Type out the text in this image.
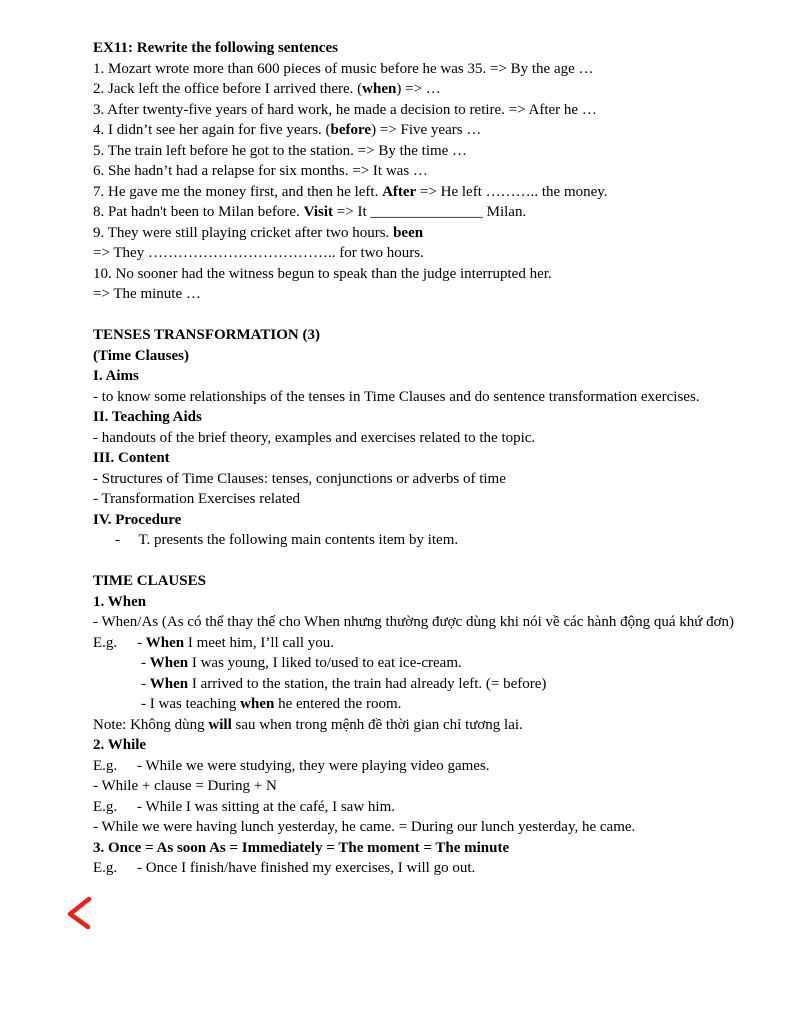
EX11: Rewrite the following sentences
1. Mozart wrote more than 600 pieces of music before he was 35. => By the age …
2. Jack left the office before I arrived there. (when) => …
3. After twenty-five years of hard work, he made a decision to retire. => After he …
4. I didn’t see her again for five years. (before) => Five years …
5. The train left before he got to the station. => By the time …
6. She hadn’t had a relapse for six months. => It was …
7. He gave me the money first, and then he left. After => He left ……….. the money.
8. Pat hadn't been to Milan before. Visit => It _______________ Milan.
9. They were still playing cricket after two hours. been
=> They ……………………………….. for two hours.
10. No sooner had the witness begun to speak than the judge interrupted her.
=> The minute …
TENSES TRANSFORMATION (3)
(Time Clauses)
I. Aims
- to know some relationships of the tenses in Time Clauses and do sentence transformation exercises.
II. Teaching Aids
- handouts of the brief theory, examples and exercises related to the topic.
III. Content
- Structures of Time Clauses: tenses, conjunctions or adverbs of time
- Transformation Exercises related
IV. Procedure
-     T. presents the following main contents item by item.
TIME CLAUSES
1. When
- When/As (As có thể thay thế cho When nhưng thường được dùng khi nói về các hành động quá khứ đơn)
E.g. - When I meet him, I’ll call you.
- When I was young, I liked to/used to eat ice-cream.
- When I arrived to the station, the train had already left. (= before)
- I was teaching when he entered the room.
Note: Không dùng will sau when trong mệnh đề thời gian chỉ tương lai.
2. While
E.g. - While we were studying, they were playing video games.
- While + clause = During + N
E.g. - While I was sitting at the café, I saw him.
- While we were having lunch yesterday, he came. = During our lunch yesterday, he came.
3. Once = As soon As = Immediately = The moment = The minute
E.g. - Once I finish/have finished my exercises, I will go out.
